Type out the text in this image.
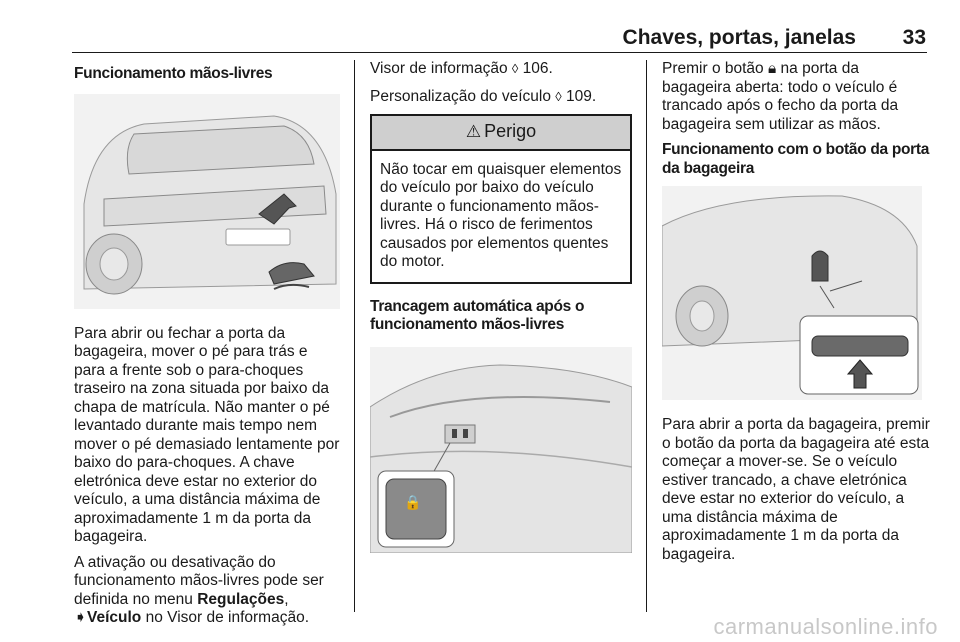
Chaves, portas, janelas	33
Funcionamento mãos-livres

Para abrir ou fechar a porta da bagageira, mover o pé para trás e para a frente sob o para-choques traseiro na zona situada por baixo da chapa de matrícula. Não manter o pé levantado durante mais tempo nem mover o pé demasiado lentamente por baixo do para-choques. A chave eletrónica deve estar no exterior do veículo, a uma distância máxima de aproximadamente 1 m da porta da bagageira.

A ativação ou desativação do funcionamento mãos-livres pode ser definida no menu Regulações, ➧Veículo no Visor de informação.

Visor de informação ◊ 106.

Personalização do veículo ◊ 109.

⚠ Perigo
Não tocar em quaisquer elementos do veículo por baixo do veículo durante o funcionamento mãos-livres. Há o risco de ferimentos causados por elementos quentes do motor.
Trancagem automática após o funcionamento mãos-livres
🔒

Premir o botão 🔒︎ na porta da bagageira aberta: todo o veículo é trancado após o fecho da porta da bagageira sem utilizar as mãos.

Funcionamento com o botão da porta da bagageira

Para abrir a porta da bagageira, premir o botão da porta da bagageira até esta começar a mover-se. Se o veículo estiver trancado, a chave eletrónica deve estar no exterior do veículo, a uma distância máxima de aproximadamente 1 m da porta da bagageira.

carmanualsonline.info
